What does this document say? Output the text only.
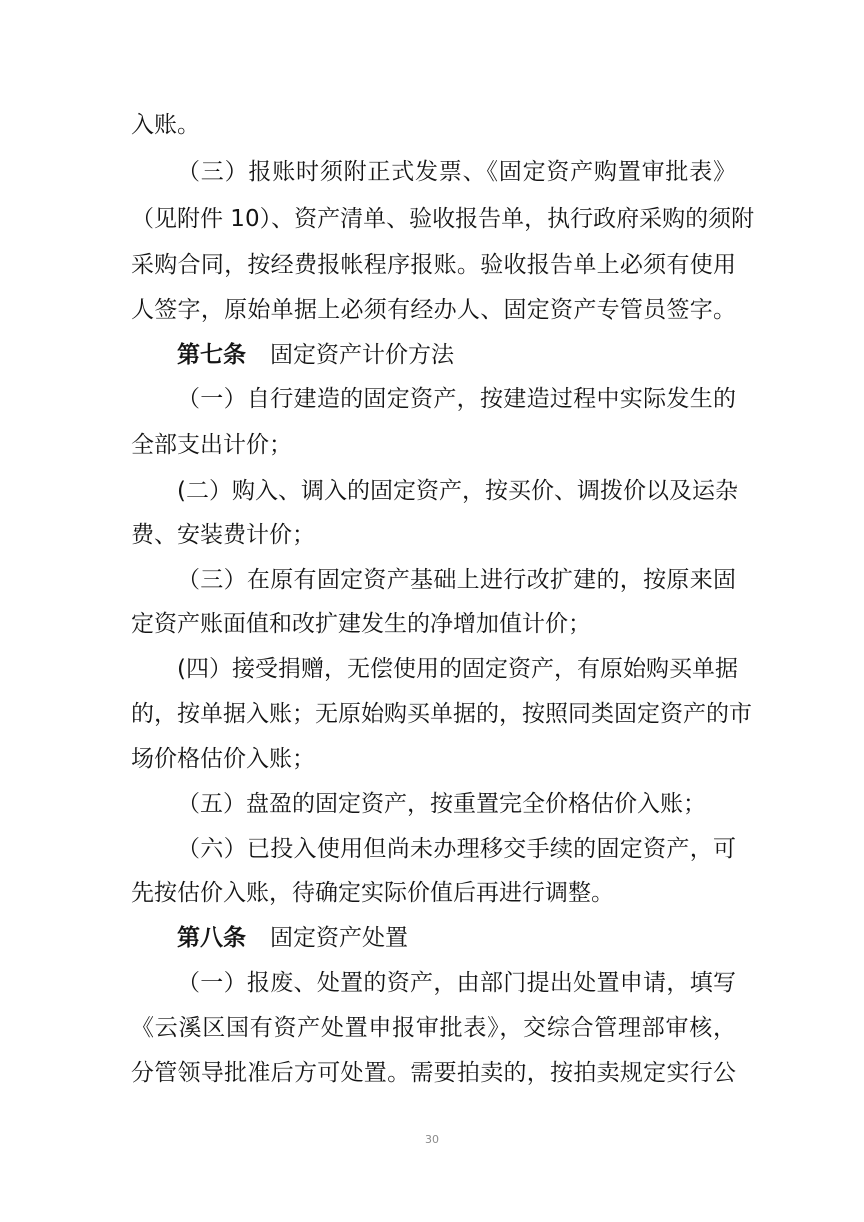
入账。
（三）报账时须附正式发票、《固定资产购置审批表》
（见附件 10）、资产清单、验收报告单，执行政府采购的须附
采购合同，按经费报帐程序报账。验收报告单上必须有使用
人签字，原始单据上必须有经办人、固定资产专管员签字。
第七条 固定资产计价方法
（一）自行建造的固定资产，按建造过程中实际发生的
全部支出计价；
(二）购入、调入的固定资产，按买价、调拨价以及运杂
费、安装费计价；
（三）在原有固定资产基础上进行改扩建的，按原来固
定资产账面值和改扩建发生的净增加值计价；
(四）接受捐赠，无偿使用的固定资产，有原始购买单据
的，按单据入账；无原始购买单据的，按照同类固定资产的市
场价格估价入账；
（五）盘盈的固定资产，按重置完全价格估价入账；
（六）已投入使用但尚未办理移交手续的固定资产，可
先按估价入账，待确定实际价值后再进行调整。
第八条 固定资产处置
（一）报废、处置的资产，由部门提出处置申请，填写
《云溪区国有资产处置申报审批表》，交综合管理部审核，
分管领导批准后方可处置。需要拍卖的，按拍卖规定实行公
30
